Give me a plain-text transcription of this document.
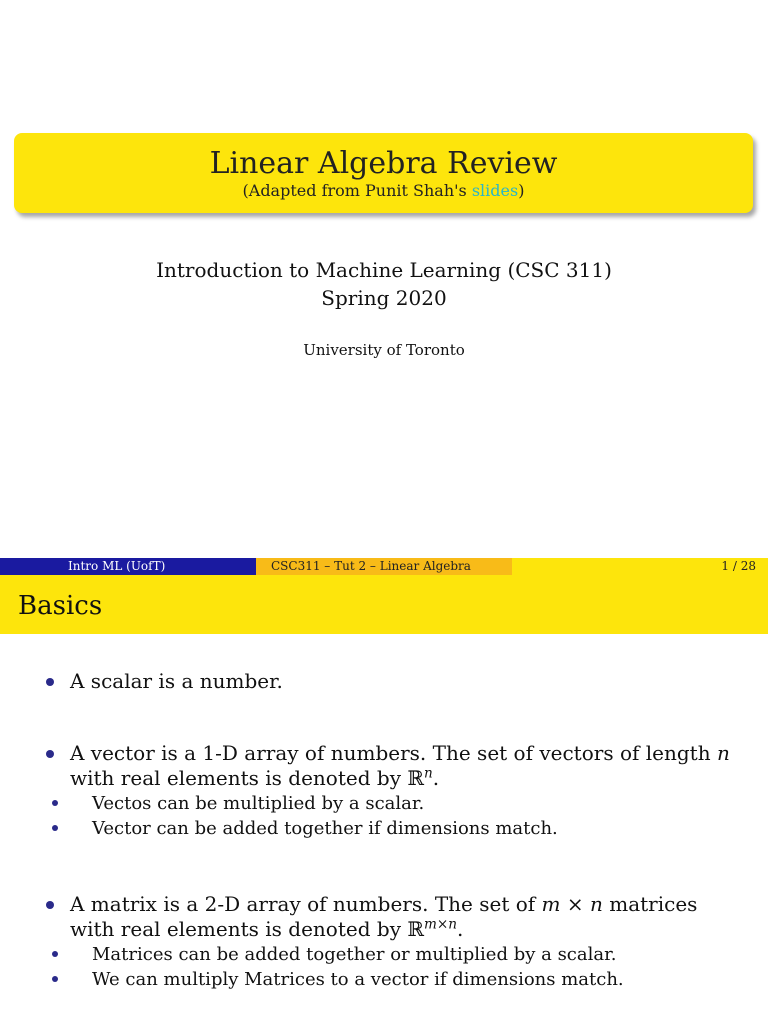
Linear Algebra Review
(Adapted from Punit Shah's slides)
Introduction to Machine Learning (CSC 311)
Spring 2020
University of Toronto
Intro ML (UofT)	CSC311 – Tut 2 – Linear Algebra	1 / 28
Basics
A scalar is a number.
A vector is a 1-D array of numbers. The set of vectors of length n
with real elements is denoted by ℝ$^n$.
Vectos can be multiplied by a scalar.
Vector can be added together if dimensions match.
A matrix is a 2-D array of numbers. The set of m × n matrices
with real elements is denoted by ℝ$^{m\times n}$.
Matrices can be added together or multiplied by a scalar.
We can multiply Matrices to a vector if dimensions match.
